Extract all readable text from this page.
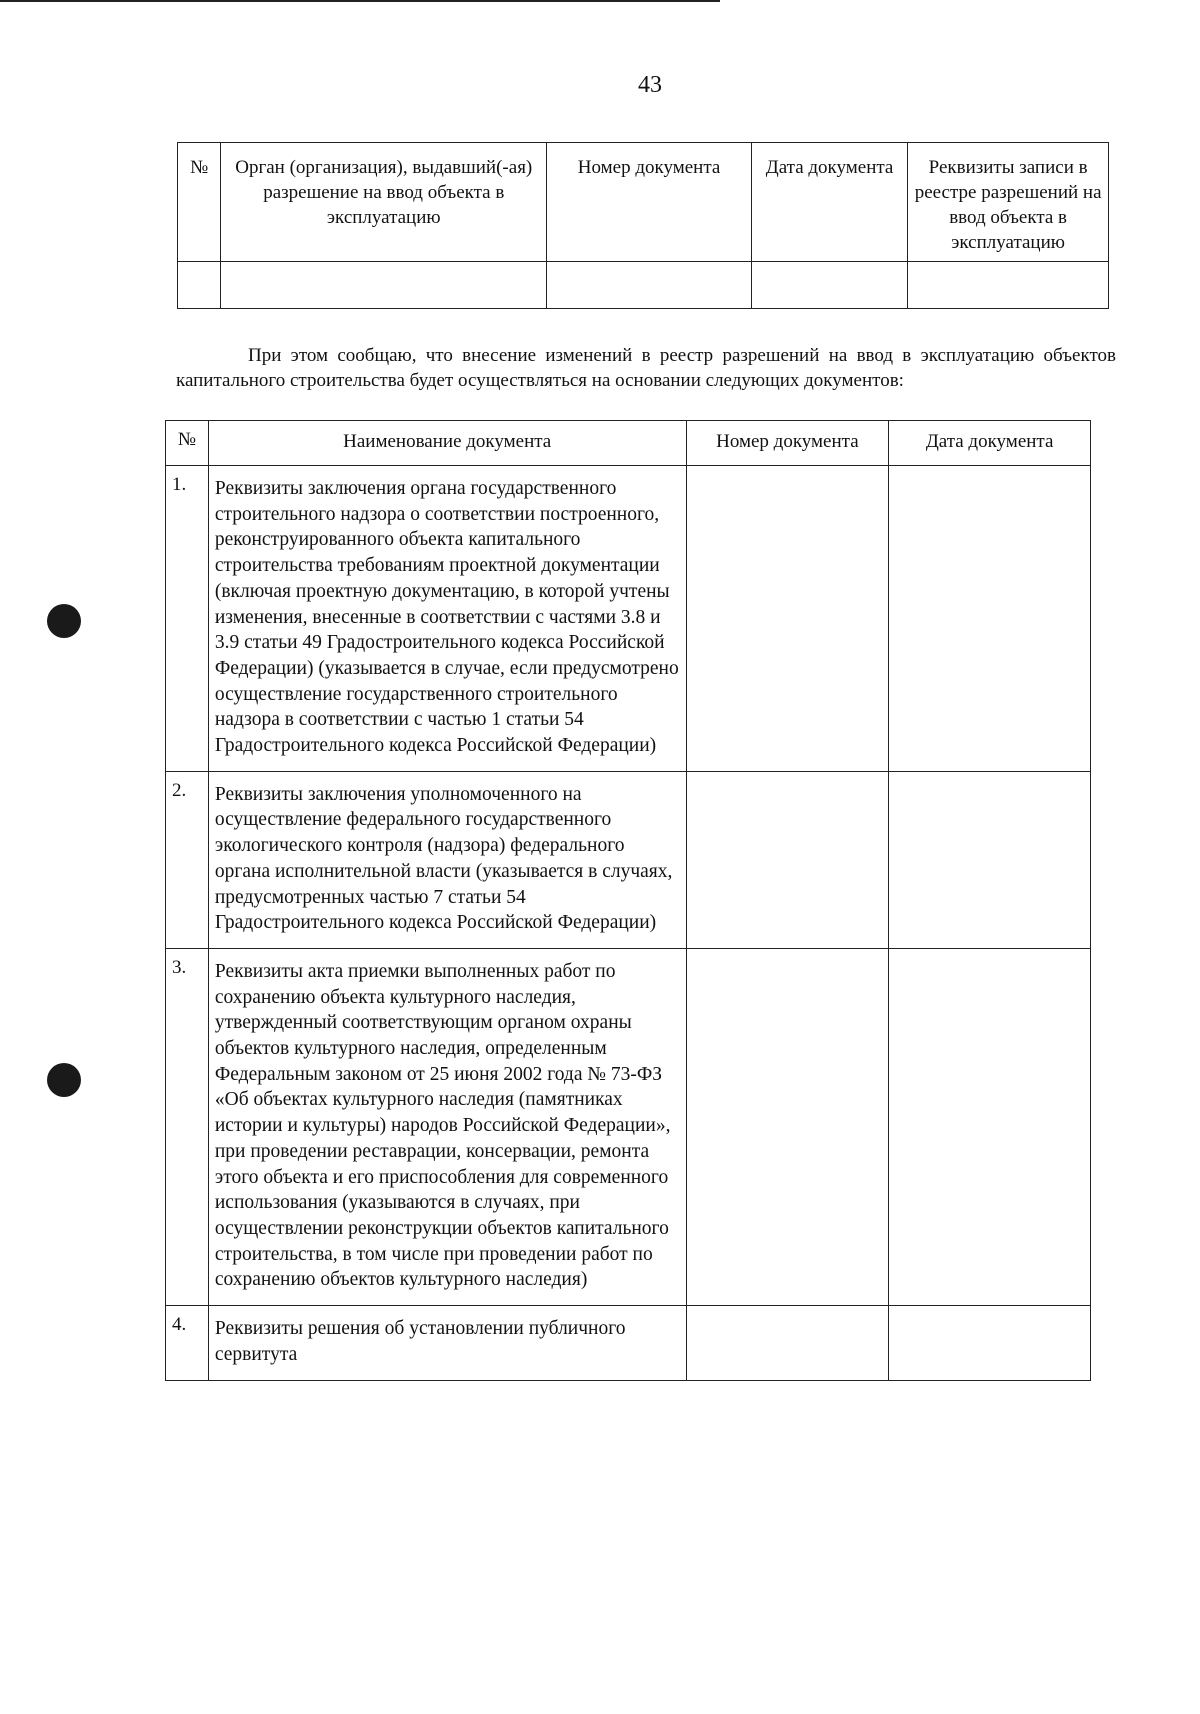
43
№	Орган (организация), выдавший(-ая) разрешение на ввод объекта в эксплуатацию	Номер документа	Дата документа	Реквизиты записи в реестре разрешений на ввод объекта в эксплуатацию

При этом сообщаю, что внесение изменений в реестр разрешений на ввод в эксплуатацию объектов капитального строительства будет осуществляться на основании следующих документов:
№	Наименование документа	Номер документа	Дата документа
1.	Реквизиты заключения органа государственного строительного надзора о соответствии построенного, реконструированного объекта капитального строительства требованиям проектной документации (включая проектную документацию, в которой учтены изменения, внесенные в соответствии с частями 3.8 и 3.9 статьи 49 Градостроительного кодекса Российской Федерации) (указывается в случае, если предусмотрено осуществление государственного строительного надзора в соответствии с частью 1 статьи 54 Градостроительного кодекса Российской Федерации)		
2.	Реквизиты заключения уполномоченного на осуществление федерального государственного экологического контроля (надзора) федерального органа исполнительной власти (указывается в случаях, предусмотренных частью 7 статьи 54 Градостроительного кодекса Российской Федерации)		
3.	Реквизиты акта приемки выполненных работ по сохранению объекта культурного наследия, утвержденный соответствующим органом охраны объектов культурного наследия, определенным Федеральным законом от 25 июня 2002 года № 73-ФЗ «Об объектах культурного наследия (памятниках истории и культуры) народов Российской Федерации», при проведении реставрации, консервации, ремонта этого объекта и его приспособления для современного использования (указываются в случаях, при осуществлении реконструкции объектов капитального строительства, в том числе при проведении работ по сохранению объектов культурного наследия)		
4.	Реквизиты решения об установлении публичного сервитута		
